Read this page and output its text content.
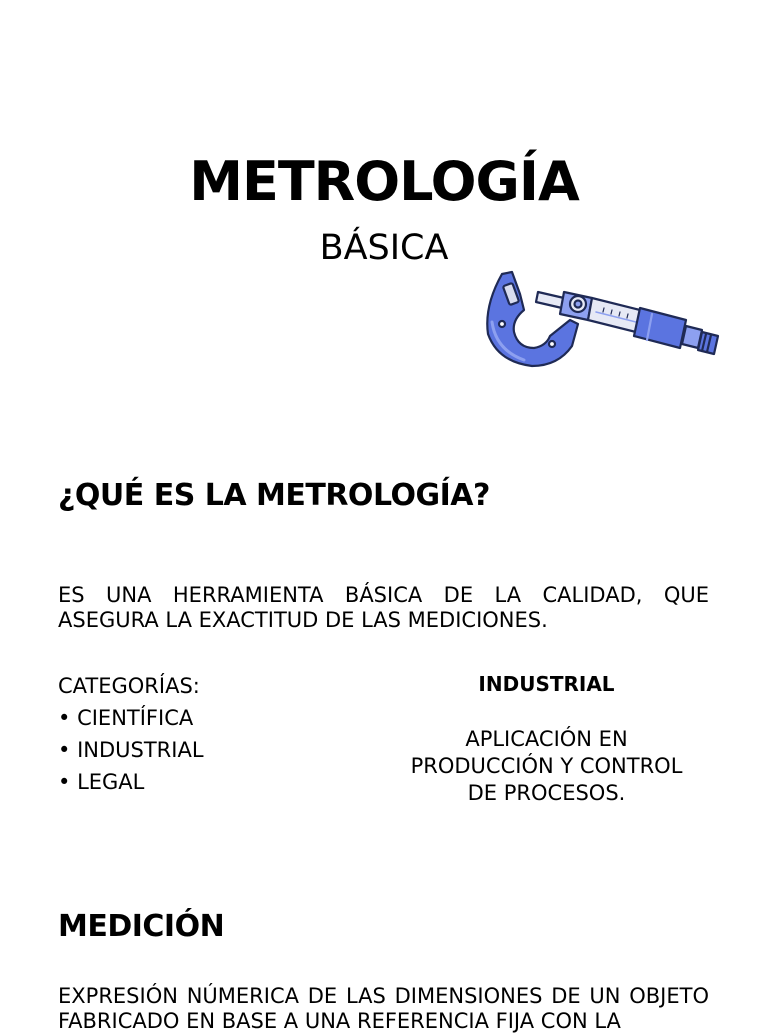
METROLOGÍA
BÁSICA
¿QUÉ ES LA METROLOGÍA?

ES UNA HERRAMIENTA BÁSICA DE LA CALIDAD, QUE ASEGURA LA EXACTITUD DE LAS MEDICIONES.

CATEGORÍAS:
• CIENTÍFICA
• INDUSTRIAL
• LEGAL
INDUSTRIAL
APLICACIÓN EN PRODUCCIÓN Y CONTROL DE PROCESOS.
MEDICIÓN

EXPRESIÓN NÚMERICA DE LAS DIMENSIONES DE UN OBJETO FABRICADO EN BASE A UNA REFERENCIA FIJA CON LA
